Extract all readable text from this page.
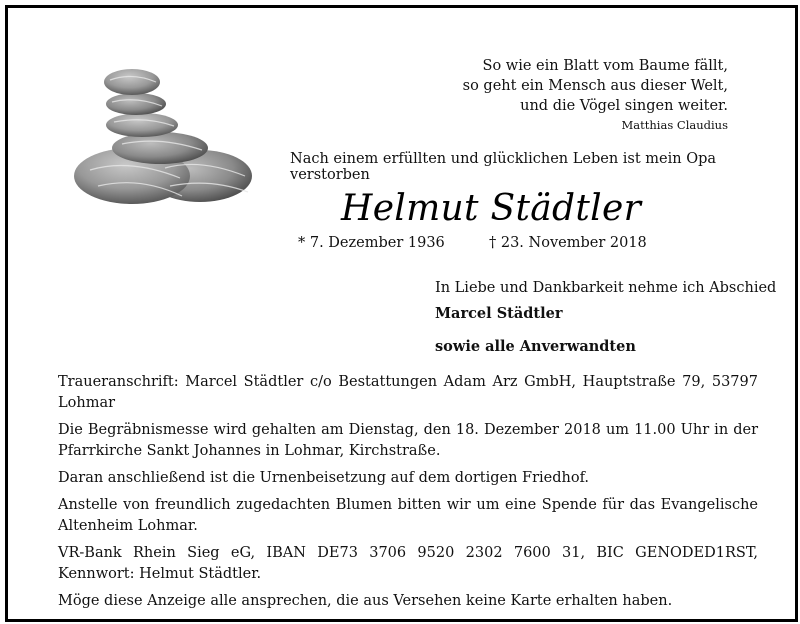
So wie ein Blatt vom Baume fällt,
so geht ein Mensch aus dieser Welt,
und die Vögel singen weiter.
Matthias Claudius
Nach einem erfüllten und glücklichen Leben ist mein Opa verstorben
Helmut Städtler
* 7. Dezember 1936	† 23. November 2018
In Liebe und Dankbarkeit nehme ich Abschied
Marcel Städtler
sowie alle Anverwandten

Traueranschrift: Marcel Städtler c/o Bestattungen Adam Arz GmbH, Hauptstraße 79, 53797 Lohmar

Die Begräbnismesse wird gehalten am Dienstag, den 18. Dezember 2018 um 11.00 Uhr in der Pfarrkirche Sankt Johannes in Lohmar, Kirchstraße.

Daran anschließend ist die Urnenbeisetzung auf dem dortigen Friedhof.

Anstelle von freundlich zugedachten Blumen bitten wir um eine Spende für das Evangelische Altenheim Lohmar.

VR-Bank Rhein Sieg eG, IBAN DE73 3706 9520 2302 7600 31, BIC GENODED1RST, Kennwort: Helmut Städtler.

Möge diese Anzeige alle ansprechen, die aus Versehen keine Karte erhalten haben.
